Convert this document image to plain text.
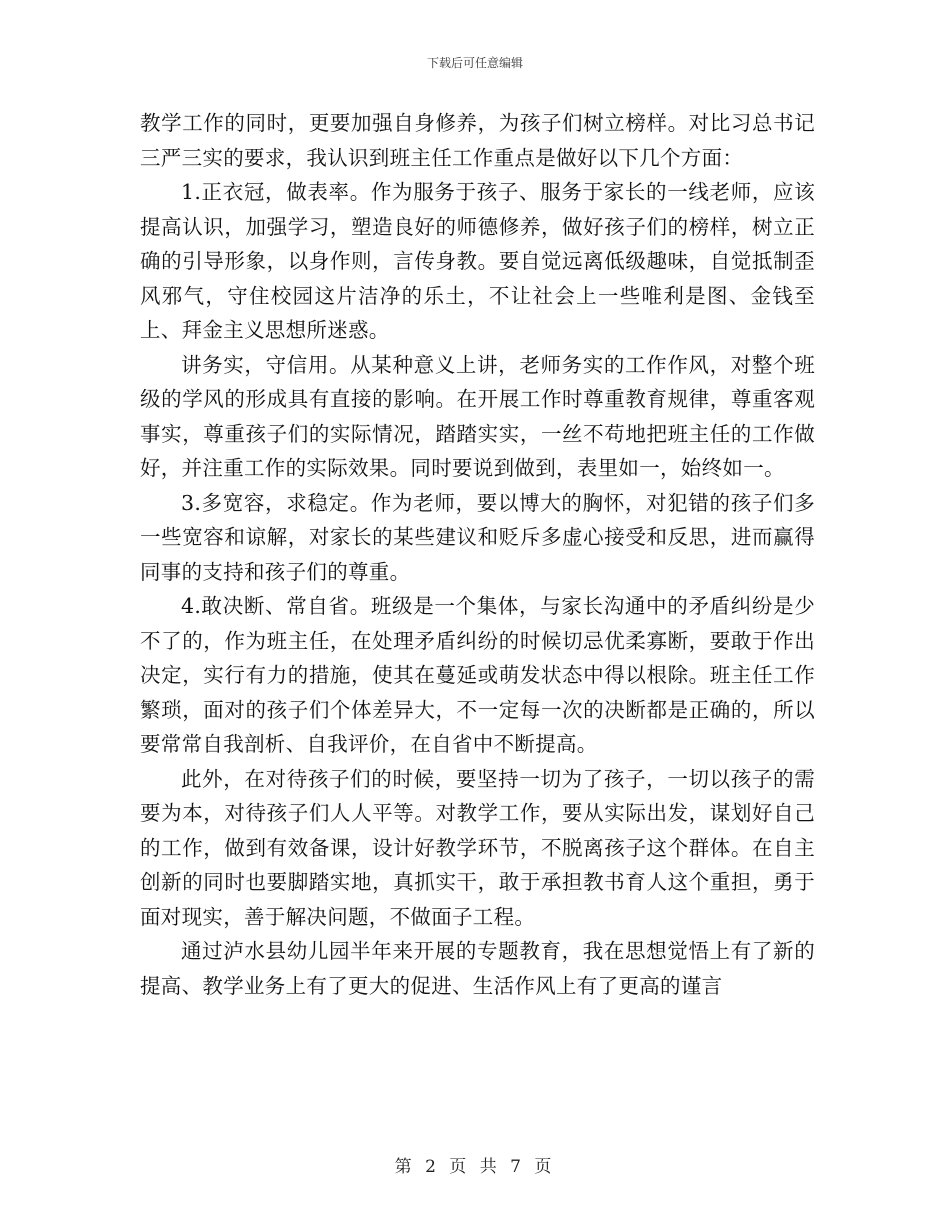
下载后可任意编辑

教学工作的同时，更要加强自身修养，为孩子们树立榜样。对比习总书记三严三实的要求，我认识到班主任工作重点是做好以下几个方面：

1.正衣冠，做表率。作为服务于孩子、服务于家长的一线老师，应该提高认识，加强学习，塑造良好的师德修养，做好孩子们的榜样，树立正确的引导形象，以身作则，言传身教。要自觉远离低级趣味，自觉抵制歪风邪气，守住校园这片洁净的乐土，不让社会上一些唯利是图、金钱至上、拜金主义思想所迷惑。

讲务实，守信用。从某种意义上讲，老师务实的工作作风，对整个班级的学风的形成具有直接的影响。在开展工作时尊重教育规律，尊重客观事实，尊重孩子们的实际情况，踏踏实实，一丝不苟地把班主任的工作做好，并注重工作的实际效果。同时要说到做到，表里如一，始终如一。

3.多宽容，求稳定。作为老师，要以博大的胸怀，对犯错的孩子们多一些宽容和谅解，对家长的某些建议和贬斥多虚心接受和反思，进而赢得同事的支持和孩子们的尊重。

4.敢决断、常自省。班级是一个集体，与家长沟通中的矛盾纠纷是少不了的，作为班主任，在处理矛盾纠纷的时候切忌优柔寡断，要敢于作出决定，实行有力的措施，使其在蔓延或萌发状态中得以根除。班主任工作繁琐，面对的孩子们个体差异大，不一定每一次的决断都是正确的，所以要常常自我剖析、自我评价，在自省中不断提高。

此外，在对待孩子们的时候，要坚持一切为了孩子，一切以孩子的需要为本，对待孩子们人人平等。对教学工作，要从实际出发，谋划好自己的工作，做到有效备课，设计好教学环节，不脱离孩子这个群体。在自主创新的同时也要脚踏实地，真抓实干，敢于承担教书育人这个重担，勇于面对现实，善于解决问题，不做面子工程。

通过泸水县幼儿园半年来开展的专题教育，我在思想觉悟上有了新的提高、教学业务上有了更大的促进、生活作风上有了更高的谨言

第 2 页 共 7 页
